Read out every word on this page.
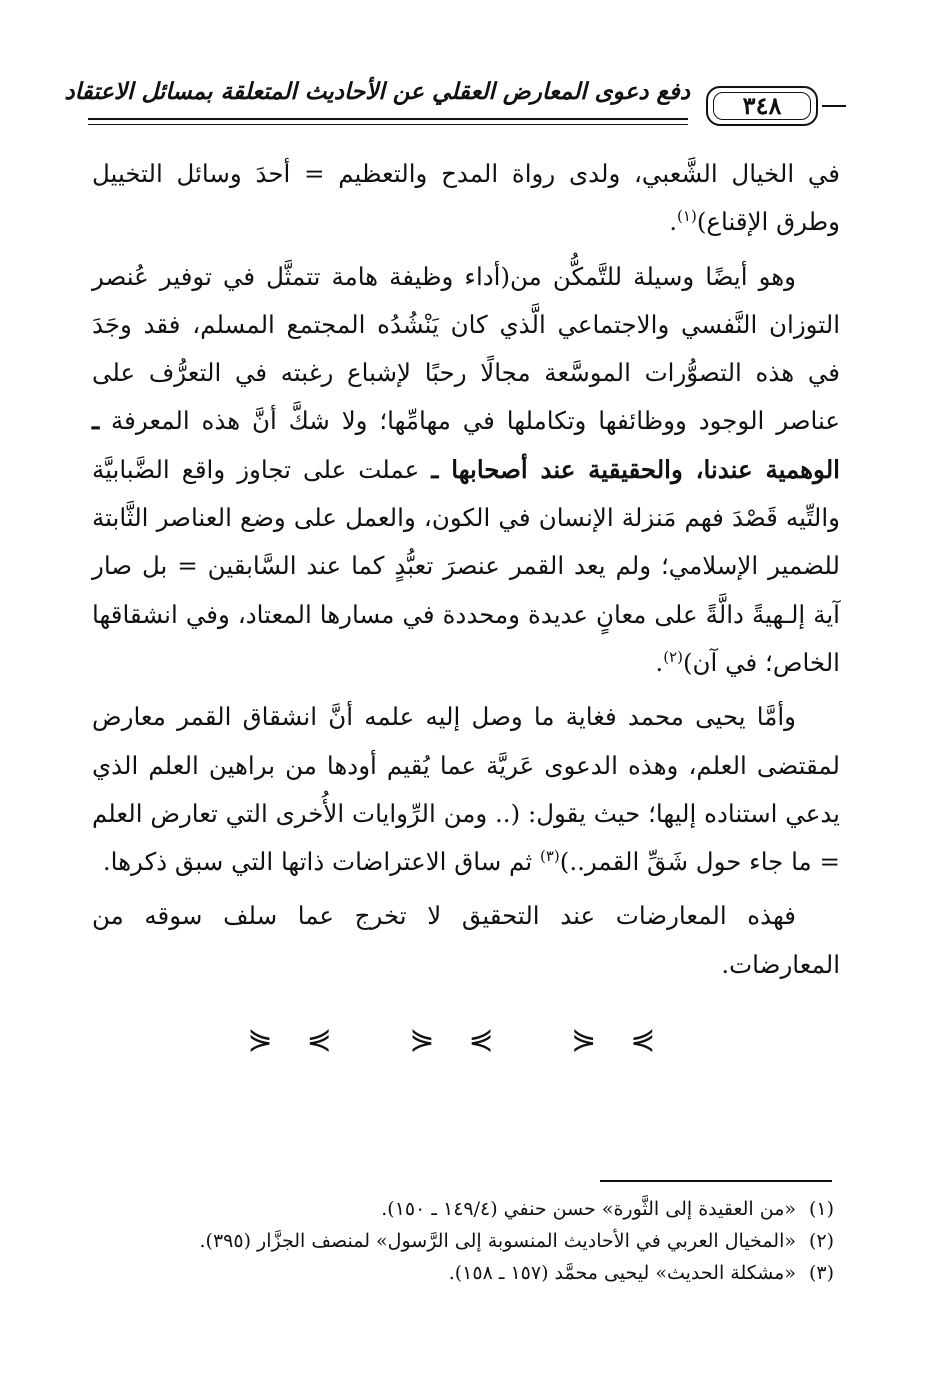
٣٤٨
دفع دعوى المعارض العقلي عن الأحاديث المتعلقة بمسائل الاعتقاد

في الخيال الشَّعبي، ولدى رواة المدح والتعظيم = أحدَ وسائل التخييل وطرق الإقناع)$^{(١)}$.

وهو أيضًا وسيلة للتَّمكُّن من(أداء وظيفة هامة تتمثَّل في توفير عُنصر التوزان النَّفسي والاجتماعي الَّذي كان يَنْشُدُه المجتمع المسلم، فقد وجَدَ في هذه التصوُّرات الموسَّعة مجالًا رحبًا لإشباع رغبته في التعرُّف على عناصر الوجود ووظائفها وتكاملها في مهامِّها؛ ولا شكَّ أنَّ هذه المعرفة ـ الوهمية عندنا، والحقيقية عند أصحابها ـ عملت على تجاوز واقع الضَّبابيَّة والتِّيه قَصْدَ فهم مَنزلة الإنسان في الكون، والعمل على وضع العناصر الثَّابتة للضمير الإسلامي؛ ولم يعد القمر عنصرَ تعبُّدٍ كما عند السَّابقين = بل صار آية إلـهيةً دالَّةً على معانٍ عديدة ومحددة في مسارها المعتاد، وفي انشقاقها الخاص؛ في آن)$^{(٢)}$.

وأمَّا يحيى محمد فغاية ما وصل إليه علمه أنَّ انشقاق القمر معارض لمقتضى العلم، وهذه الدعوى عَريَّة عما يُقيم أودها من براهين العلم الذي يدعي استناده إليها؛ حيث يقول: (.. ومن الرِّوايات الأُخرى التي تعارض العلم = ما جاء حول شَقِّ القمر..)$^{(٣)}$ ثم ساق الاعتراضات ذاتها التي سبق ذكرها.

فهذه المعارضات عند التحقيق لا تخرج عما سلف سوقه من المعارضات.

⋟⋞ ⋟⋞ ⋟⋞
(١)«من العقيدة إلى الثَّورة» حسن حنفي (١٤٩/٤ ـ ١٥٠).
(٢)«المخيال العربي في الأحاديث المنسوبة إلى الرَّسول» لمنصف الجزَّار (٣٩٥).
(٣)«مشكلة الحديث» ليحيى محمَّد (١٥٧ ـ ١٥٨).
